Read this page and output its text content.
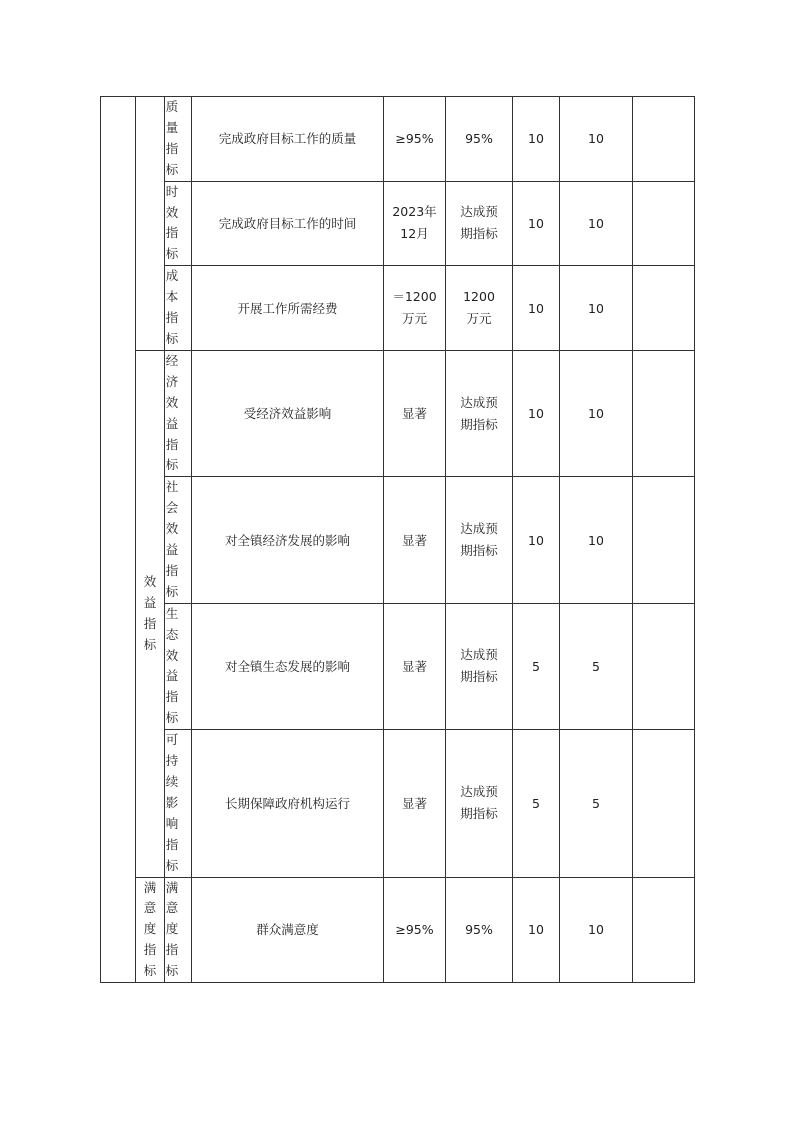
		质量指标	完成政府目标工作的质量	≥95%	95%	10	10	

		时效指标	完成政府目标工作的时间	2023年12月	达成预期指标	10	10	

		成本指标	开展工作所需经费	＝1200万元	1200万元	10	10	

	效益指标	经济效益指标	受经济效益影响	显著	达成预期指标	10	10	

		社会效益指标	对全镇经济发展的影响	显著	达成预期指标	10	10	

		生态效益指标	对全镇生态发展的影响	显著	达成预期指标	5	5	

		可持续影响指标	长期保障政府机构运行	显著	达成预期指标	5	5	

	满意度指标	满意度指标	群众满意度	≥95%	95%	10	10	
